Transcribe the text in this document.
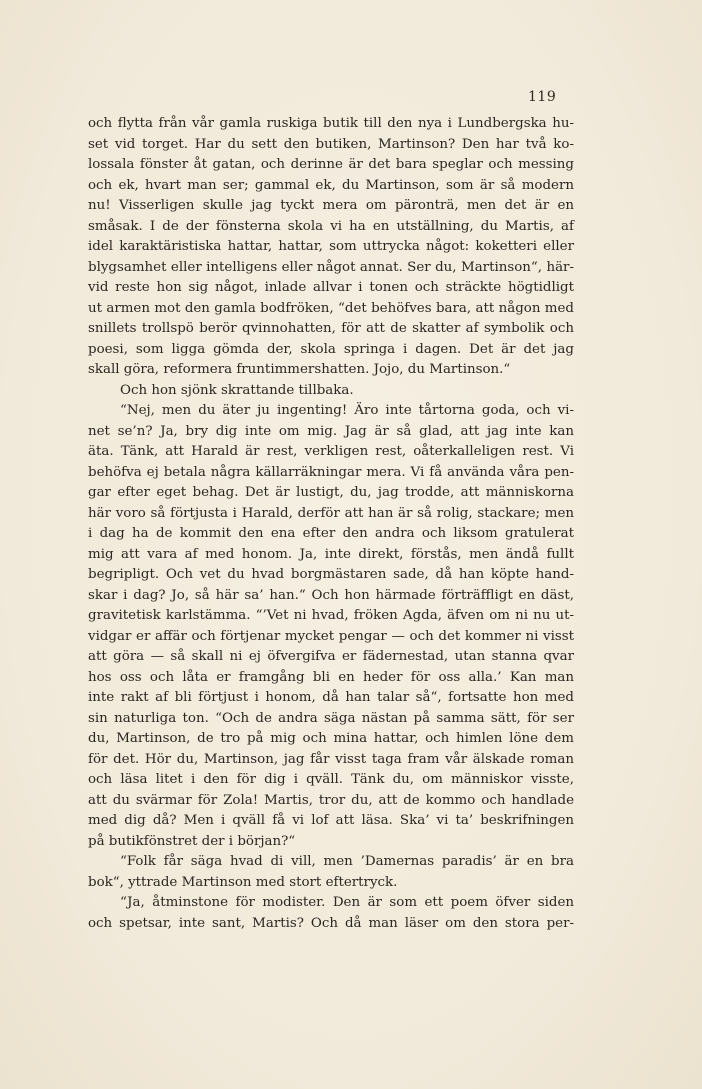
119
och flytta från vår gamla ruskiga butik till den nya i Lundbergska hu-
set vid torget. Har du sett den butiken, Martinson? Den har två ko-
lossala fönster åt gatan, och derinne är det bara speglar och messing
och ek, hvart man ser; gammal ek, du Martinson, som är så modern
nu! Visserligen skulle jag tyckt mera om päronträ, men det är en
småsak. I de der fönsterna skola vi ha en utställning, du Martis, af
idel karaktäristiska hattar, hattar, som uttrycka något: koketteri eller
blygsamhet eller intelligens eller något annat. Ser du, Martinson“, här-
vid reste hon sig något, inlade allvar i tonen och sträckte högtidligt
ut armen mot den gamla bodfröken, “det behöfves bara, att någon med
snillets trollspö berör qvinnohatten, för att de skatter af symbolik och
poesi, som ligga gömda der, skola springa i dagen. Det är det jag
skall göra, reformera fruntimmershatten. Jojo, du Martinson.“
Och hon sjönk skrattande tillbaka.
“Nej, men du äter ju ingenting! Äro inte tårtorna goda, och vi-
net se’n? Ja, bry dig inte om mig. Jag är så glad, att jag inte kan
äta. Tänk, att Harald är rest, verkligen rest, oåterkalleligen rest. Vi
behöfva ej betala några källarräkningar mera. Vi få använda våra pen-
gar efter eget behag. Det är lustigt, du, jag trodde, att människorna
här voro så förtjusta i Harald, derför att han är så rolig, stackare; men
i dag ha de kommit den ena efter den andra och liksom gratulerat
mig att vara af med honom. Ja, inte direkt, förstås, men ändå fullt
begripligt. Och vet du hvad borgmästaren sade, då han köpte hand-
skar i dag? Jo, så här sa’ han.“ Och hon härmade förträffligt en däst,
gravitetisk karlstämma. “’Vet ni hvad, fröken Agda, äfven om ni nu ut-
vidgar er affär och förtjenar mycket pengar — och det kommer ni visst
att göra — så skall ni ej öfvergifva er fädernestad, utan stanna qvar
hos oss och låta er framgång bli en heder för oss alla.’ Kan man
inte rakt af bli förtjust i honom, då han talar så“, fortsatte hon med
sin naturliga ton. “Och de andra säga nästan på samma sätt, för ser
du, Martinson, de tro på mig och mina hattar, och himlen löne dem
för det. Hör du, Martinson, jag får visst taga fram vår älskade roman
och läsa litet i den för dig i qväll. Tänk du, om människor visste,
att du svärmar för Zola! Martis, tror du, att de kommo och handlade
med dig då? Men i qväll få vi lof att läsa. Ska’ vi ta’ beskrifningen
på butikfönstret der i början?“
“Folk får säga hvad di vill, men ’Damernas paradis’ är en bra
bok“, yttrade Martinson med stort eftertryck.
“Ja, åtminstone för modister. Den är som ett poem öfver siden
och spetsar, inte sant, Martis? Och då man läser om den stora per-
